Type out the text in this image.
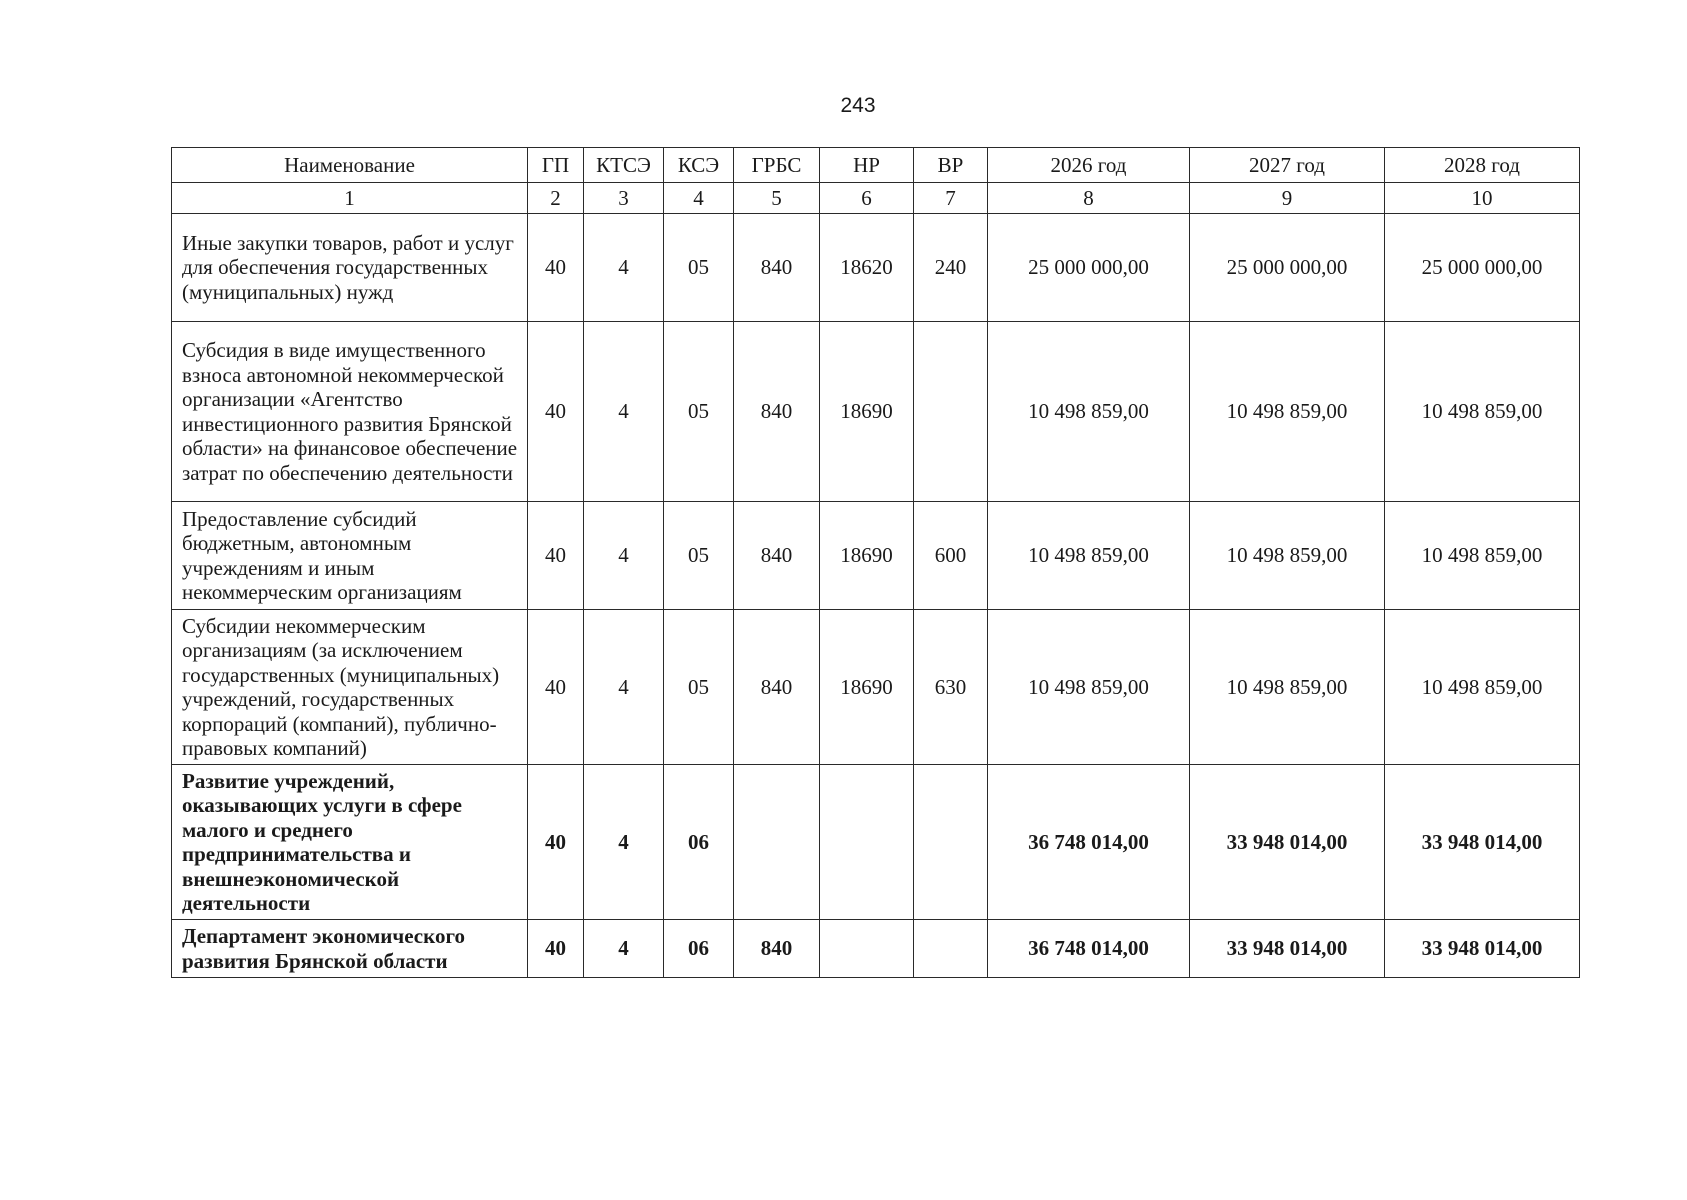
243
Наименование	ГП	КТСЭ	КСЭ	ГРБС	НР	ВР	2026 год	2027 год	2028 год
1	2	3	4	5	6	7	8	9	10
Иные закупки товаров, работ и услуг для обеспечения государственных (муниципальных) нужд	40	4	05	840	18620	240	25 000 000,00	25 000 000,00	25 000 000,00
Субсидия в виде имущественного взноса автономной некоммерческой организации «Агентство инвестиционного развития Брянской области» на финансовое обеспечение затрат по обеспечению деятельности	40	4	05	840	18690		10 498 859,00	10 498 859,00	10 498 859,00
Предоставление субсидий бюджетным, автономным учреждениям и иным некоммерческим организациям	40	4	05	840	18690	600	10 498 859,00	10 498 859,00	10 498 859,00
Субсидии некоммерческим организациям (за исключением государственных (муниципальных) учреждений, государственных корпораций (компаний), публично-правовых компаний)	40	4	05	840	18690	630	10 498 859,00	10 498 859,00	10 498 859,00
Развитие учреждений, оказывающих услуги в сфере малого и среднего предпринимательства и внешнеэкономической деятельности	40	4	06				36 748 014,00	33 948 014,00	33 948 014,00
Департамент экономического развития Брянской области	40	4	06	840			36 748 014,00	33 948 014,00	33 948 014,00
